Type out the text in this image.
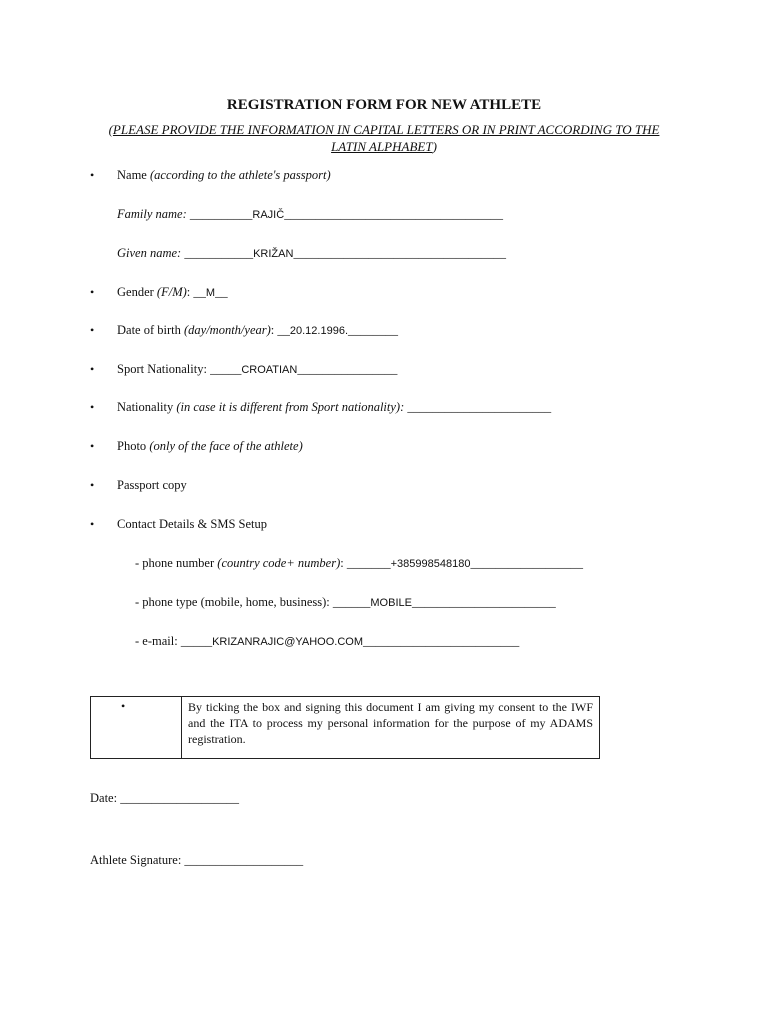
REGISTRATION FORM FOR NEW ATHLETE
(PLEASE PROVIDE THE INFORMATION IN CAPITAL LETTERS OR IN PRINT ACCORDING TO THE LATIN ALPHABET)
• Name (according to the athlete's passport)
Family name: __________RAJIČ___________________________________
Given name: ___________KRIŽAN__________________________________
• Gender (F/M): __M__
• Date of birth (day/month/year): __20.12.1996.________
• Sport Nationality: _____CROATIAN________________
• Nationality (in case it is different from Sport nationality): _______________________
• Photo (only of the face of the athlete)
• Passport copy
• Contact Details & SMS Setup
- phone number (country code+ number): _______+385998548180__________________
- phone type (mobile, home, business): ______MOBILE_______________________
- e-mail: _____KRIZANRAJIC@YAHOO.COM_________________________
•	By ticking the box and signing this document I am giving my consent to the IWF and the ITA to process my personal information for the purpose of my ADAMS registration.
Date: ___________________
Athlete Signature: ___________________
